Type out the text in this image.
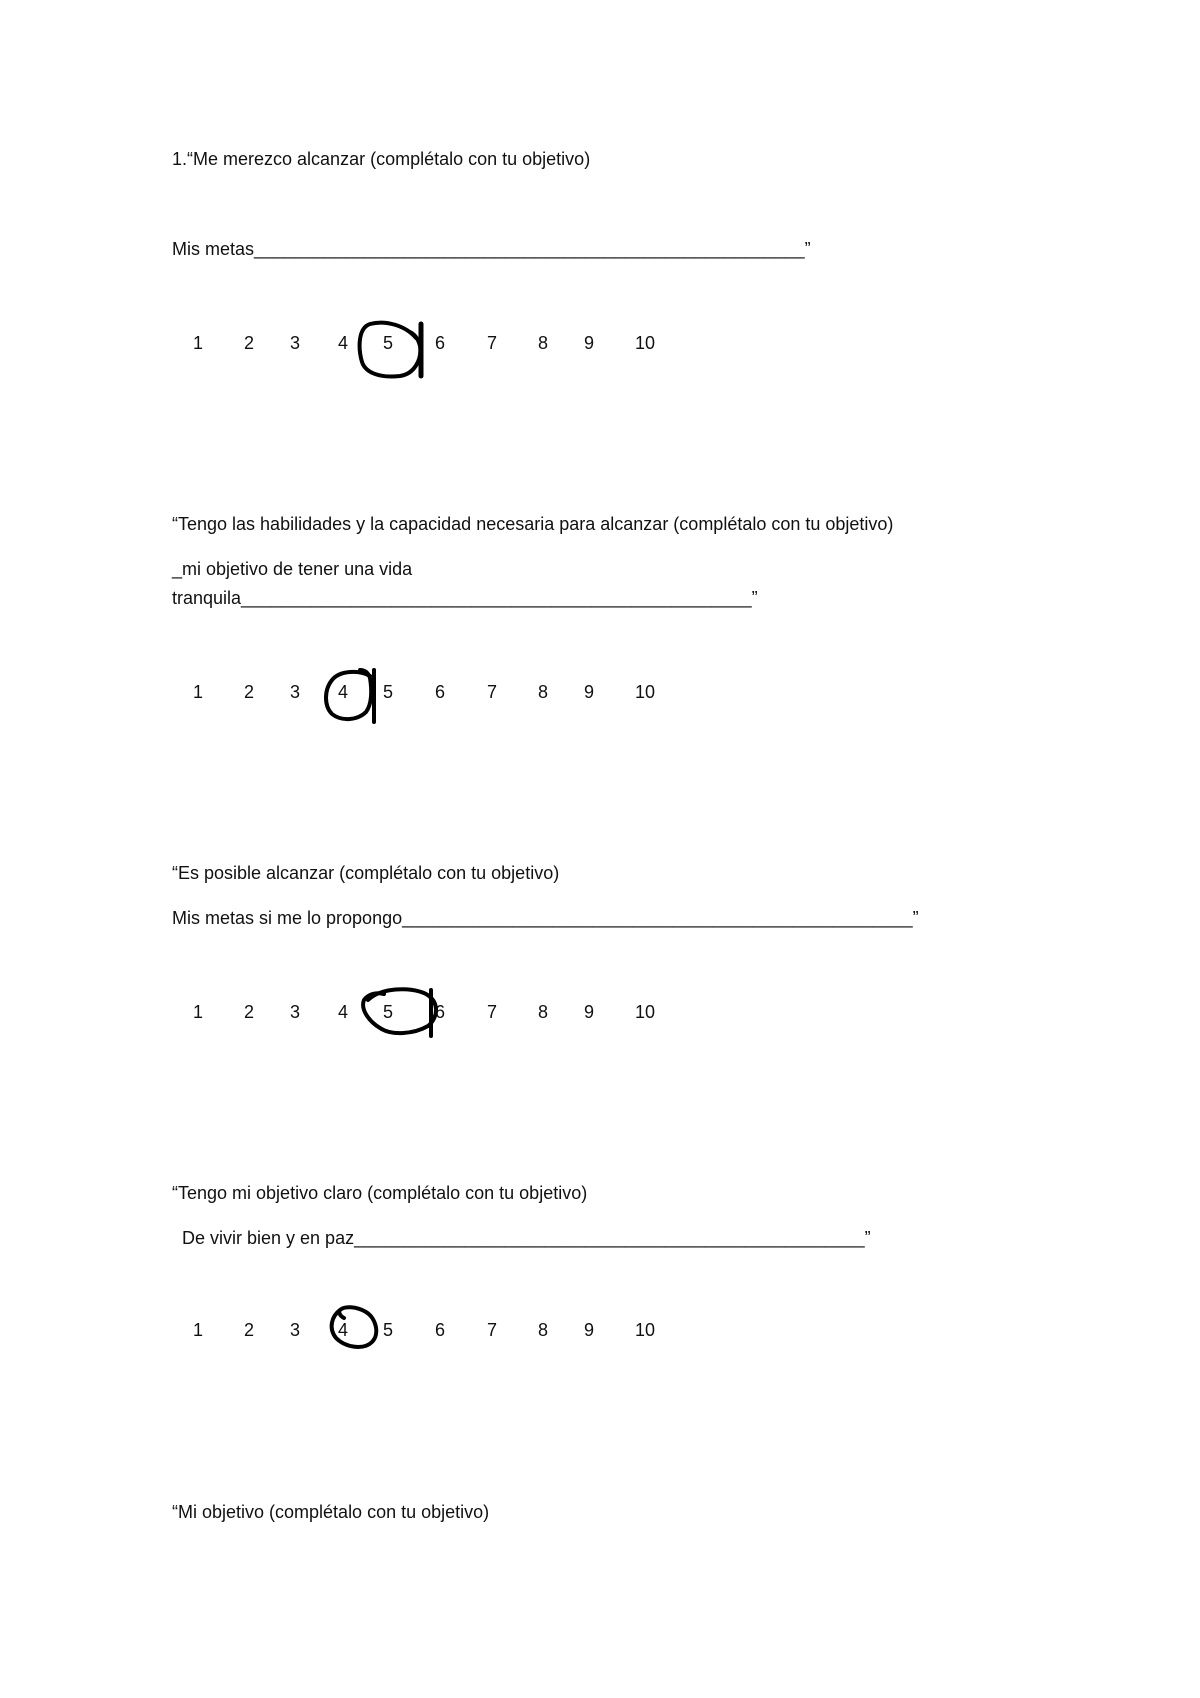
1.“Me merezco alcanzar (complétalo con tu objetivo)
Mis metas_______________________________________________________”
1 2 3 4 5 6 7 8 9 10
“Tengo las habilidades y la capacidad necesaria para alcanzar (complétalo con tu objetivo)
_mi objetivo de tener una vida
tranquila___________________________________________________”
1 2 3 4 5 6 7 8 9 10
“Es posible alcanzar (complétalo con tu objetivo)
Mis metas si me lo propongo___________________________________________________”
1 2 3 4 5 6 7 8 9 10
“Tengo mi objetivo claro (complétalo con tu objetivo)
De vivir bien y en paz___________________________________________________”
1 2 3 4 5 6 7 8 9 10
“Mi objetivo (complétalo con tu objetivo)
